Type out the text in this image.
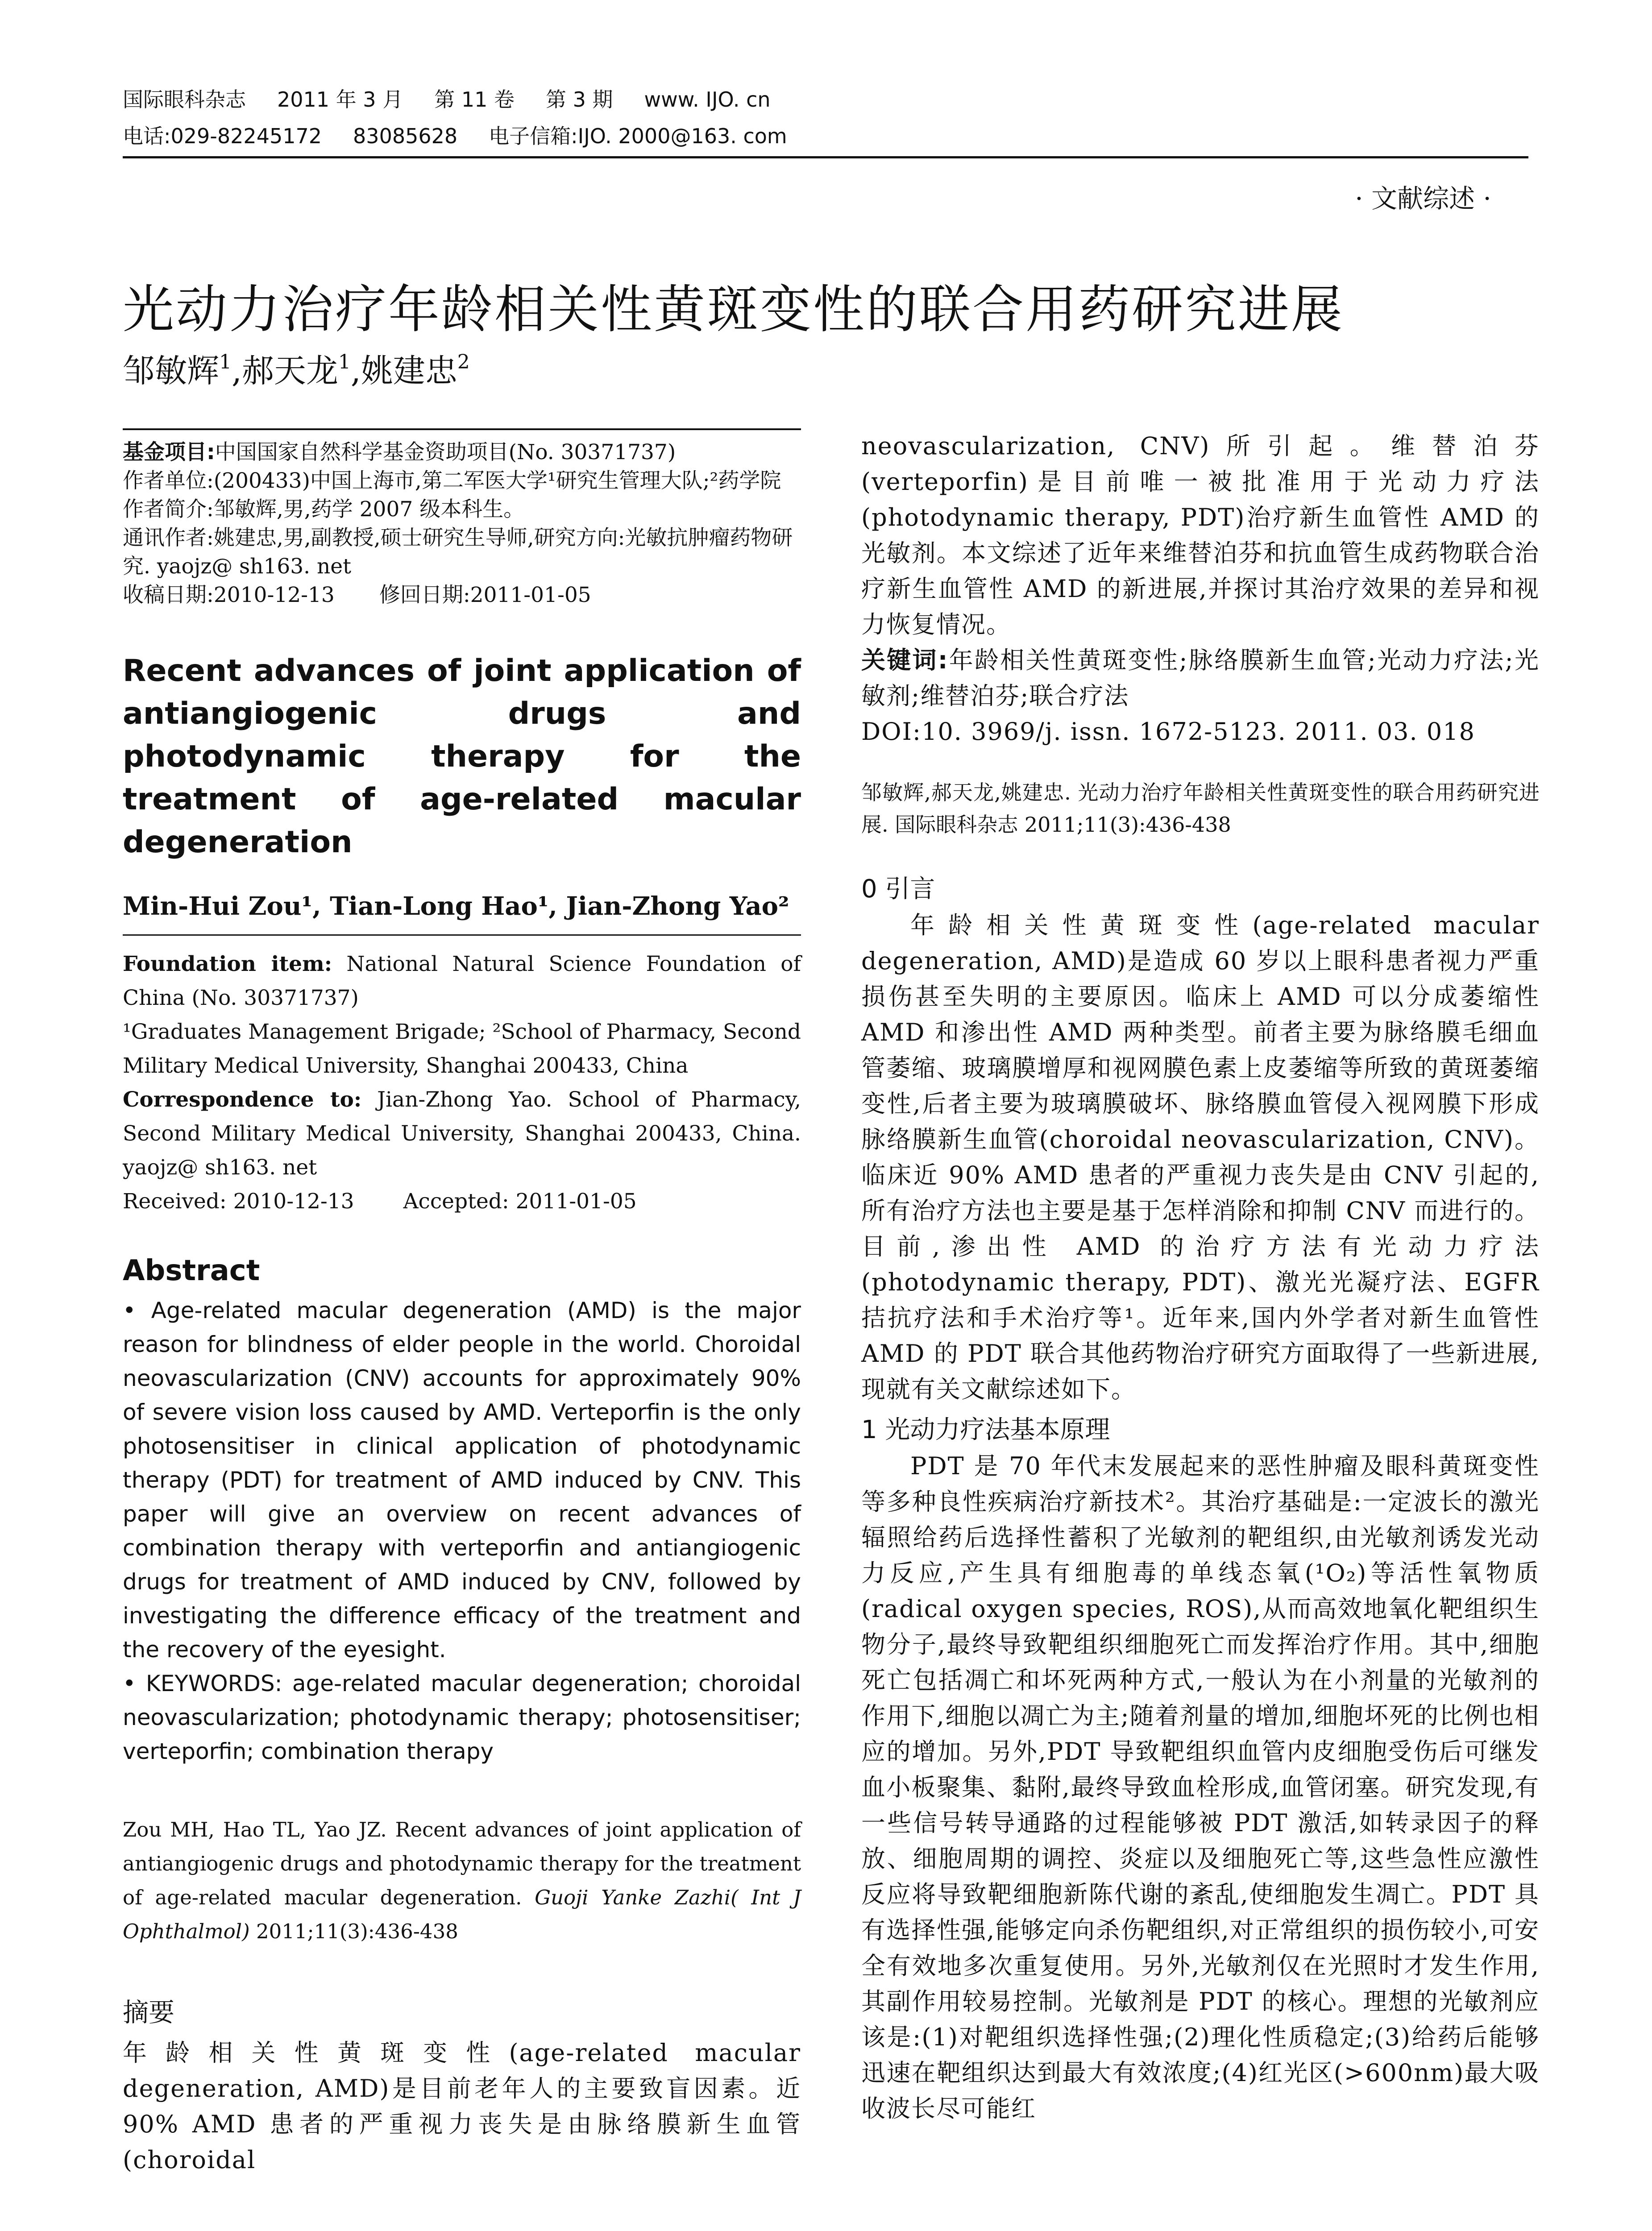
国际眼科杂志 2011 年 3 月 第 11 卷 第 3 期 www. IJO. cn
电话:029-82245172 83085628 电子信箱:IJO. 2000@163. com
· 文献综述 ·
光动力治疗年龄相关性黄斑变性的联合用药研究进展
邹敏辉$^1$,郝天龙$^1$,姚建忠$^2$

基金项目:中国国家自然科学基金资助项目(No. 30371737)

作者单位:(200433)中国上海市,第二军医大学¹研究生管理大队;²药学院

作者简介:邹敏辉,男,药学 2007 级本科生。

通讯作者:姚建忠,男,副教授,硕士研究生导师,研究方向:光敏抗肿瘤药物研究. yaojz@ sh163. net

收稿日期:2010-12-13 修回日期:2011-01-05

Recent advances of joint application of antiangiogenic drugs and photodynamic therapy for the treatment of age-related macular degeneration
Min-Hui Zou¹, Tian-Long Hao¹, Jian-Zhong Yao²

Foundation item: National Natural Science Foundation of China (No. 30371737)

¹Graduates Management Brigade; ²School of Pharmacy, Second Military Medical University, Shanghai 200433, China

Correspondence to: Jian-Zhong Yao. School of Pharmacy, Second Military Medical University, Shanghai 200433, China. yaojz@ sh163. net

Received: 2010-12-13 Accepted: 2011-01-05

Abstract

• Age-related macular degeneration (AMD) is the major reason for blindness of elder people in the world. Choroidal neovascularization (CNV) accounts for approximately 90% of severe vision loss caused by AMD. Verteporfin is the only photosensitiser in clinical application of photodynamic therapy (PDT) for treatment of AMD induced by CNV. This paper will give an overview on recent advances of combination therapy with verteporfin and antiangiogenic drugs for treatment of AMD induced by CNV, followed by investigating the difference efficacy of the treatment and the recovery of the eyesight.

• KEYWORDS: age-related macular degeneration; choroidal neovascularization; photodynamic therapy; photosensitiser; verteporfin; combination therapy

Zou MH, Hao TL, Yao JZ. Recent advances of joint application of antiangiogenic drugs and photodynamic therapy for the treatment of age-related macular degeneration. Guoji Yanke Zazhi( Int J Ophthalmol) 2011;11(3):436-438
摘要
年龄相关性黄斑变性(age-related macular degeneration, AMD)是目前老年人的主要致盲因素。近 90% AMD 患者的严重视力丧失是由脉络膜新生血管(choroidal

neovascularization, CNV)所引起。维替泊芬(verteporfin)是目前唯一被批准用于光动力疗法(photodynamic therapy, PDT)治疗新生血管性 AMD 的光敏剂。本文综述了近年来维替泊芬和抗血管生成药物联合治疗新生血管性 AMD 的新进展,并探讨其治疗效果的差异和视力恢复情况。

关键词:年龄相关性黄斑变性;脉络膜新生血管;光动力疗法;光敏剂;维替泊芬;联合疗法

DOI:10. 3969/j. issn. 1672-5123. 2011. 03. 018

邹敏辉,郝天龙,姚建忠. 光动力治疗年龄相关性黄斑变性的联合用药研究进展. 国际眼科杂志 2011;11(3):436-438
0 引言

年龄相关性黄斑变性(age-related macular degeneration, AMD)是造成 60 岁以上眼科患者视力严重损伤甚至失明的主要原因。临床上 AMD 可以分成萎缩性 AMD 和渗出性 AMD 两种类型。前者主要为脉络膜毛细血管萎缩、玻璃膜增厚和视网膜色素上皮萎缩等所致的黄斑萎缩变性,后者主要为玻璃膜破坏、脉络膜血管侵入视网膜下形成脉络膜新生血管(choroidal neovascularization, CNV)。临床近 90% AMD 患者的严重视力丧失是由 CNV 引起的,所有治疗方法也主要是基于怎样消除和抑制 CNV 而进行的。目前,渗出性 AMD 的治疗方法有光动力疗法(photodynamic therapy, PDT)、激光光凝疗法、EGFR 拮抗疗法和手术治疗等¹。近年来,国内外学者对新生血管性 AMD 的 PDT 联合其他药物治疗研究方面取得了一些新进展,现就有关文献综述如下。

1 光动力疗法基本原理

PDT 是 70 年代末发展起来的恶性肿瘤及眼科黄斑变性等多种良性疾病治疗新技术²。其治疗基础是:一定波长的激光辐照给药后选择性蓄积了光敏剂的靶组织,由光敏剂诱发光动力反应,产生具有细胞毒的单线态氧(¹O₂)等活性氧物质(radical oxygen species, ROS),从而高效地氧化靶组织生物分子,最终导致靶组织细胞死亡而发挥治疗作用。其中,细胞死亡包括凋亡和坏死两种方式,一般认为在小剂量的光敏剂的作用下,细胞以凋亡为主;随着剂量的增加,细胞坏死的比例也相应的增加。另外,PDT 导致靶组织血管内皮细胞受伤后可继发血小板聚集、黏附,最终导致血栓形成,血管闭塞。研究发现,有一些信号转导通路的过程能够被 PDT 激活,如转录因子的释放、细胞周期的调控、炎症以及细胞死亡等,这些急性应激性反应将导致靶细胞新陈代谢的紊乱,使细胞发生凋亡。PDT 具有选择性强,能够定向杀伤靶组织,对正常组织的损伤较小,可安全有效地多次重复使用。另外,光敏剂仅在光照时才发生作用,其副作用较易控制。光敏剂是 PDT 的核心。理想的光敏剂应该是:(1)对靶组织选择性强;(2)理化性质稳定;(3)给药后能够迅速在靶组织达到最大有效浓度;(4)红光区(>600nm)最大吸收波长尽可能红
